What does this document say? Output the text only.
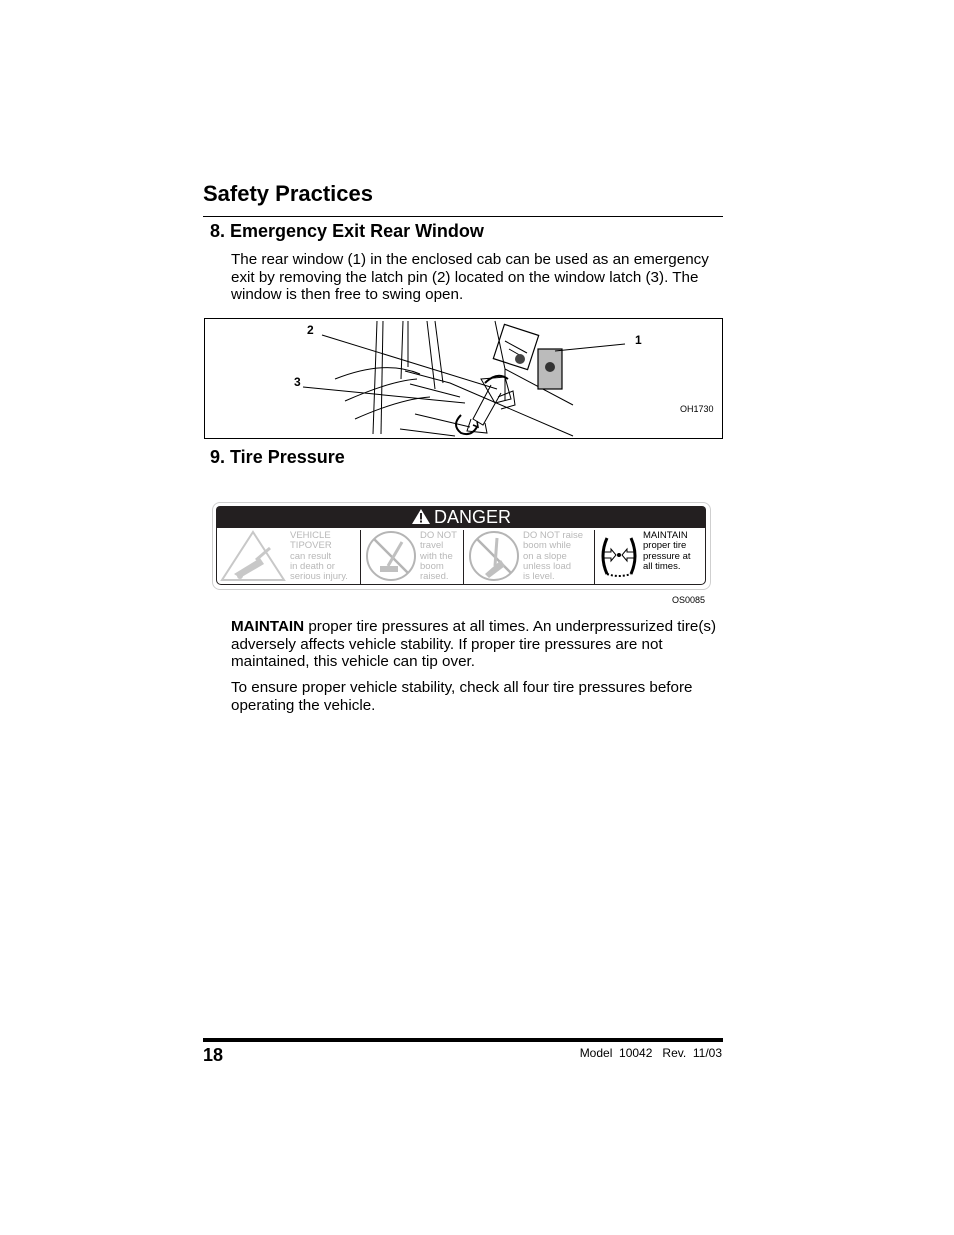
Safety Practices
8. Emergency Exit Rear Window

The rear window (1) in the enclosed cab can be used as an emergency exit by removing the latch pin (2) located on the window latch (3). The window is then free to swing open.

2
3
1
OH1730
9. Tire Pressure
DANGER
VEHICLE
TIPOVER
can result
in death or
serious injury.
DO NOT
travel
with the
boom
raised.
DO NOT raise
boom while
on a slope
unless load
is level.
MAINTAIN
proper tire
pressure at
all times.
OS0085

MAINTAIN proper tire pressures at all times. An underpressurized tire(s) adversely affects vehicle stability. If proper tire pressures are not maintained, this vehicle can tip over.

To ensure proper vehicle stability, check all four tire pressures before operating the vehicle.

18	Model  10042   Rev.  11/03
